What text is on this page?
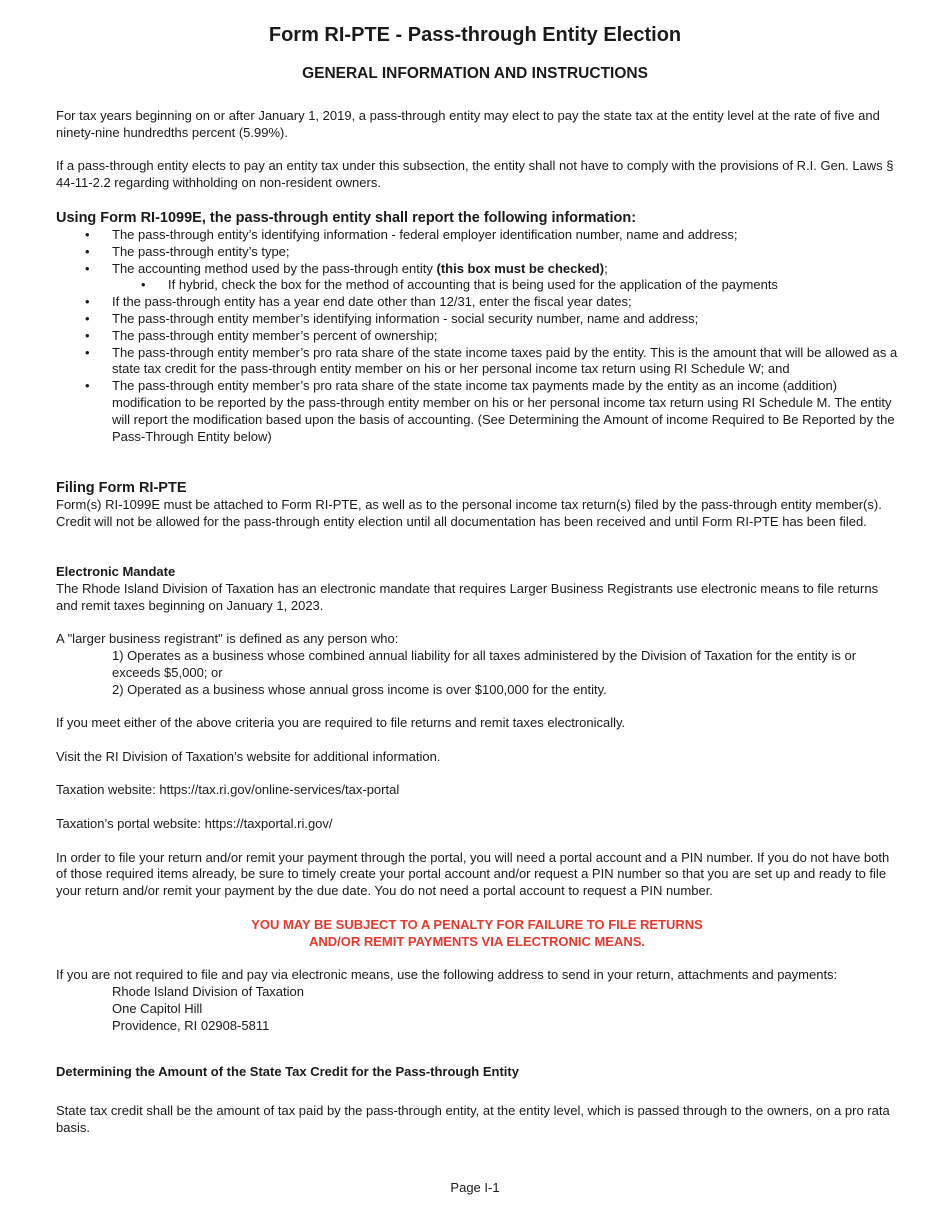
Form RI-PTE - Pass-through Entity Election
GENERAL INFORMATION AND INSTRUCTIONS

For tax years beginning on or after January 1, 2019, a pass-through entity may elect to pay the state tax at the entity level at the rate of five and ninety-nine hundredths percent (5.99%).

If a pass-through entity elects to pay an entity tax under this subsection, the entity shall not have to comply with the provisions of R.I. Gen. Laws § 44-11-2.2 regarding withholding on non-resident owners.

Using Form RI-1099E, the pass-through entity shall report the following information:

• The pass-through entity’s identifying information - federal employer identification number, name and address;
• The pass-through entity’s type;
• The accounting method used by the pass-through entity (this box must be checked);
• If hybrid, check the box for the method of accounting that is being used for the application of the payments
• If the pass-through entity has a year end date other than 12/31, enter the fiscal year dates;
• The pass-through entity member’s identifying information - social security number, name and address;
• The pass-through entity member’s percent of ownership;
• The pass-through entity member’s pro rata share of the state income taxes paid by the entity. This is the amount that will be allowed as a state tax credit for the pass-through entity member on his or her personal income tax return using RI Schedule W; and
• The pass-through entity member’s pro rata share of the state income tax payments made by the entity as an income (addition) modification to be reported by the pass-through entity member on his or her personal income tax return using RI Schedule M. The entity will report the modification based upon the basis of accounting. (See Determining the Amount of income Required to Be Reported by the Pass-Through Entity below)

Filing Form RI-PTE

Form(s) RI-1099E must be attached to Form RI-PTE, as well as to the personal income tax return(s) filed by the pass-through entity member(s). Credit will not be allowed for the pass-through entity election until all documentation has been received and until Form RI-PTE has been filed.

Electronic Mandate

The Rhode Island Division of Taxation has an electronic mandate that requires Larger Business Registrants use electronic means to file returns and remit taxes beginning on January 1, 2023.

A "larger business registrant" is defined as any person who:

1) Operates as a business whose combined annual liability for all taxes administered by the Division of Taxation for the entity is or exceeds $5,000; or

2) Operated as a business whose annual gross income is over $100,000 for the entity.

If you meet either of the above criteria you are required to file returns and remit taxes electronically.

Visit the RI Division of Taxation’s website for additional information.

Taxation website: https://tax.ri.gov/online-services/tax-portal

Taxation’s portal website: https://taxportal.ri.gov/

In order to file your return and/or remit your payment through the portal, you will need a portal account and a PIN number. If you do not have both of those required items already, be sure to timely create your portal account and/or request a PIN number so that you are set up and ready to file your return and/or remit your payment by the due date. You do not need a portal account to request a PIN number.

YOU MAY BE SUBJECT TO A PENALTY FOR FAILURE TO FILE RETURNS

AND/OR REMIT PAYMENTS VIA ELECTRONIC MEANS.

If you are not required to file and pay via electronic means, use the following address to send in your return, attachments and payments:

Rhode Island Division of Taxation

One Capitol Hill

Providence, RI 02908-5811

Determining the Amount of the State Tax Credit for the Pass-through Entity

State tax credit shall be the amount of tax paid by the pass-through entity, at the entity level, which is passed through to the owners, on a pro rata basis.

Page I-1
